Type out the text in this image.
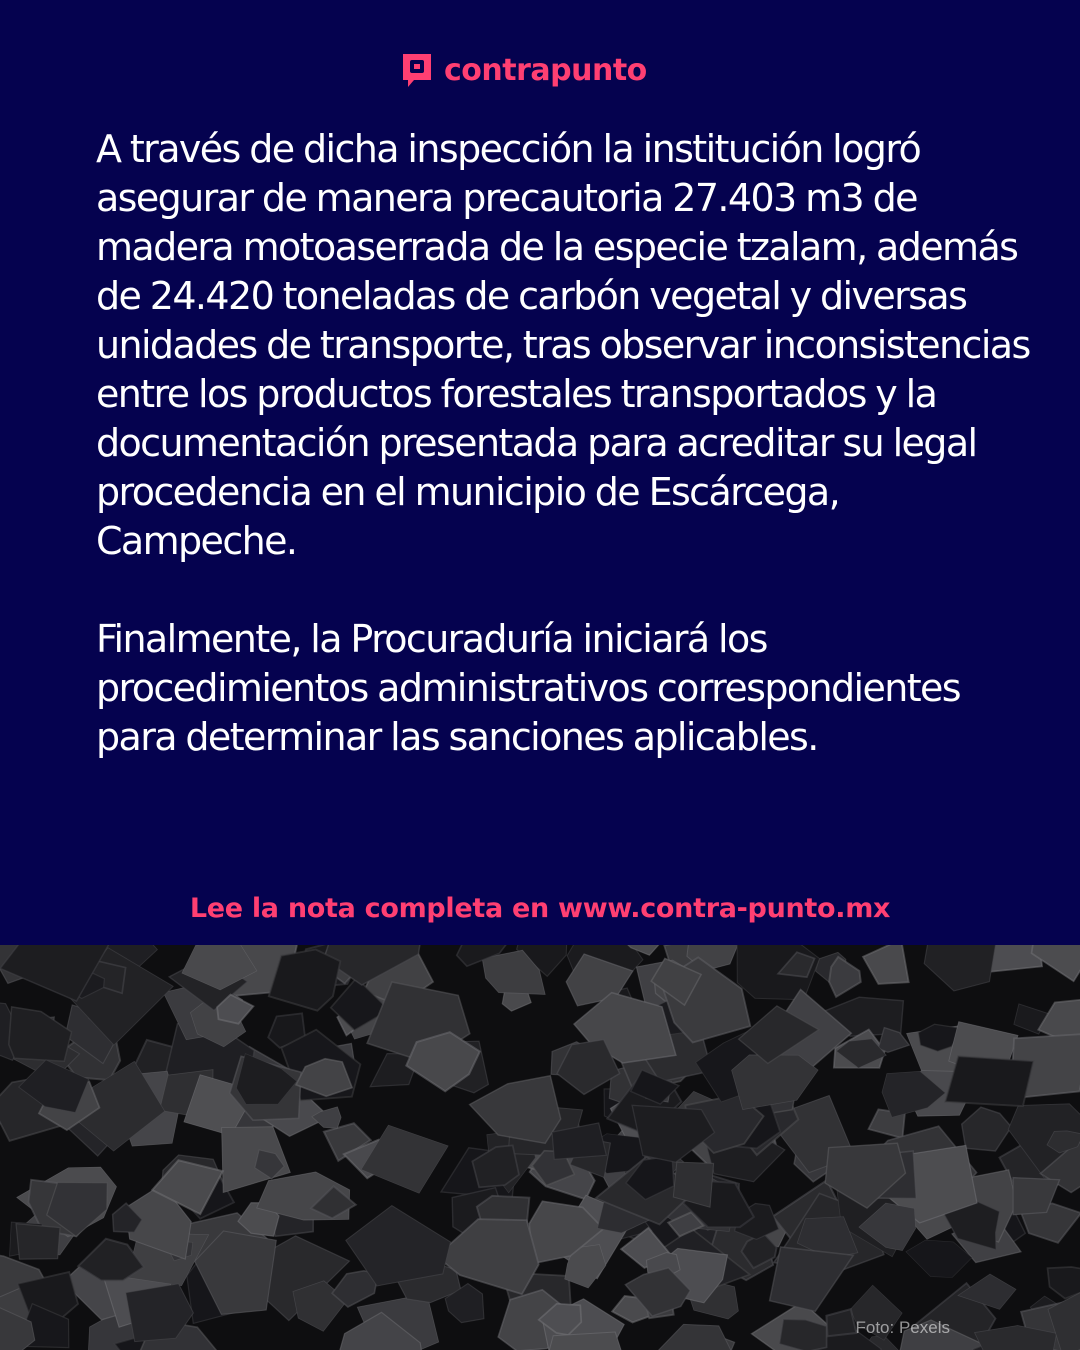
contrapunto

A través de dicha inspección la institución logró asegurar de manera precautoria 27.403 m3 de madera motoaserrada de la especie tzalam, además de 24.420 toneladas de carbón vegetal y diversas unidades de transporte, tras observar inconsistencias entre los productos forestales transportados y la documentación presentada para acreditar su legal procedencia en el municipio de Escárcega, Campeche.

Finalmente, la Procuraduría iniciará los procedimientos administrativos correspondientes para determinar las sanciones aplicables.

Lee la nota completa en www.contra-punto.mx
Foto: Pexels
